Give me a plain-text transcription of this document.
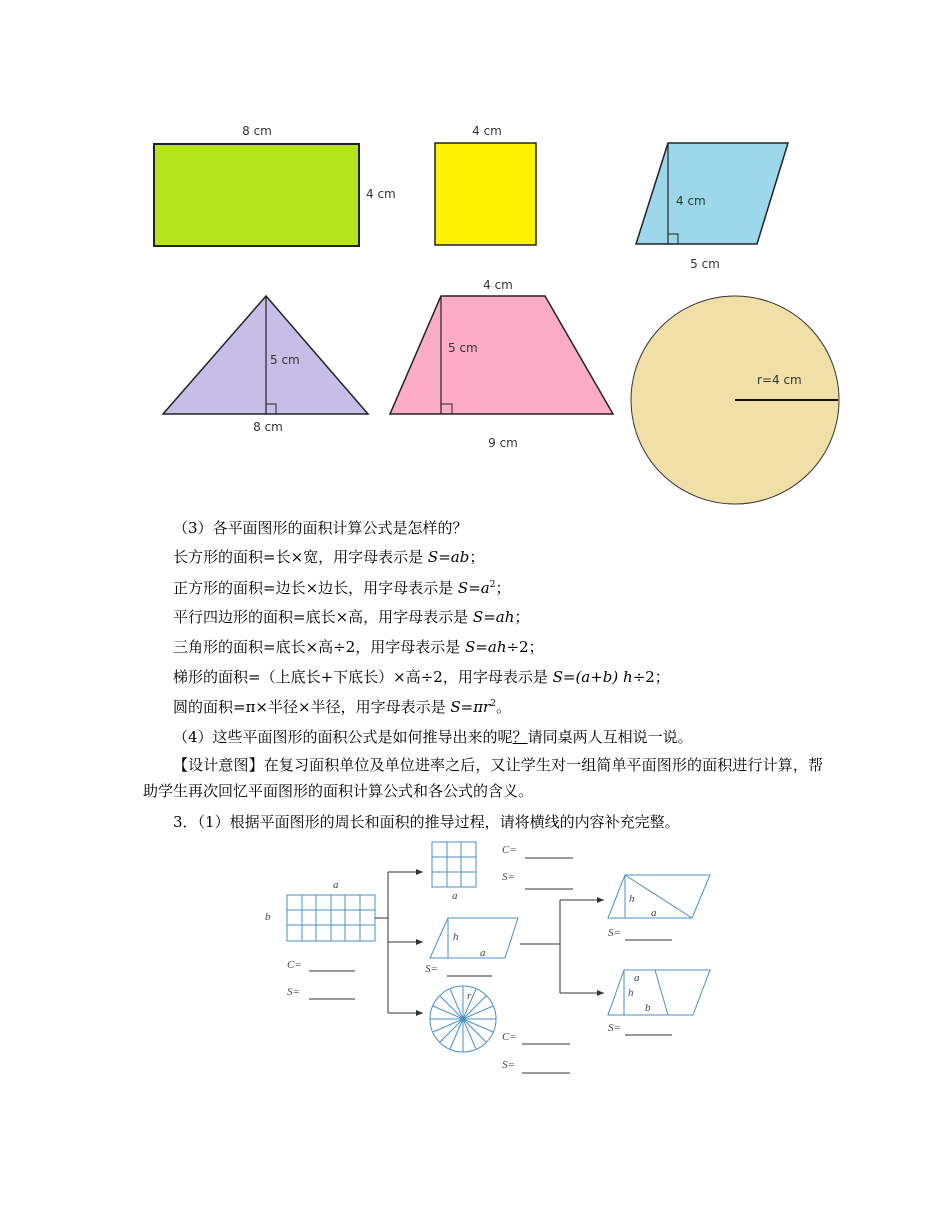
8 cm
4 cm
4 cm
4 cm
5 cm
5 cm
8 cm
4 cm
5 cm
9 cm
r=4 cm
（3）各平面图形的面积计算公式是怎样的？
长方形的面积=长×宽，用字母表示是 S=ab；
正方形的面积=边长×边长，用字母表示是 $S=a^2$；
平行四边形的面积=底长×高，用字母表示是 S=ah；
三角形的面积=底长×高÷2，用字母表示是 S=ah÷2；
梯形的面积=（上底长+下底长）×高÷2，用字母表示是 S=(a+b) h÷2；
圆的面积=π×半径×半径，用字母表示是 $S=\pi r^2$。
（4）这些平面图形的面积公式是如何推导出来的呢？请同桌两人互相说一说。
【设计意图】在复习面积单位及单位进率之后，又让学生对一组简单平面图形的面积进行计算，帮助学生再次回忆平面图形的面积计算公式和各公式的含义。
3．（1）根据平面图形的周长和面积的推导过程，请将横线的内容补充完整。
a
b
C=
S=
a
C=
S=
h
a
S=
r
C=
S=
h
a
S=
a
h
b
S=
